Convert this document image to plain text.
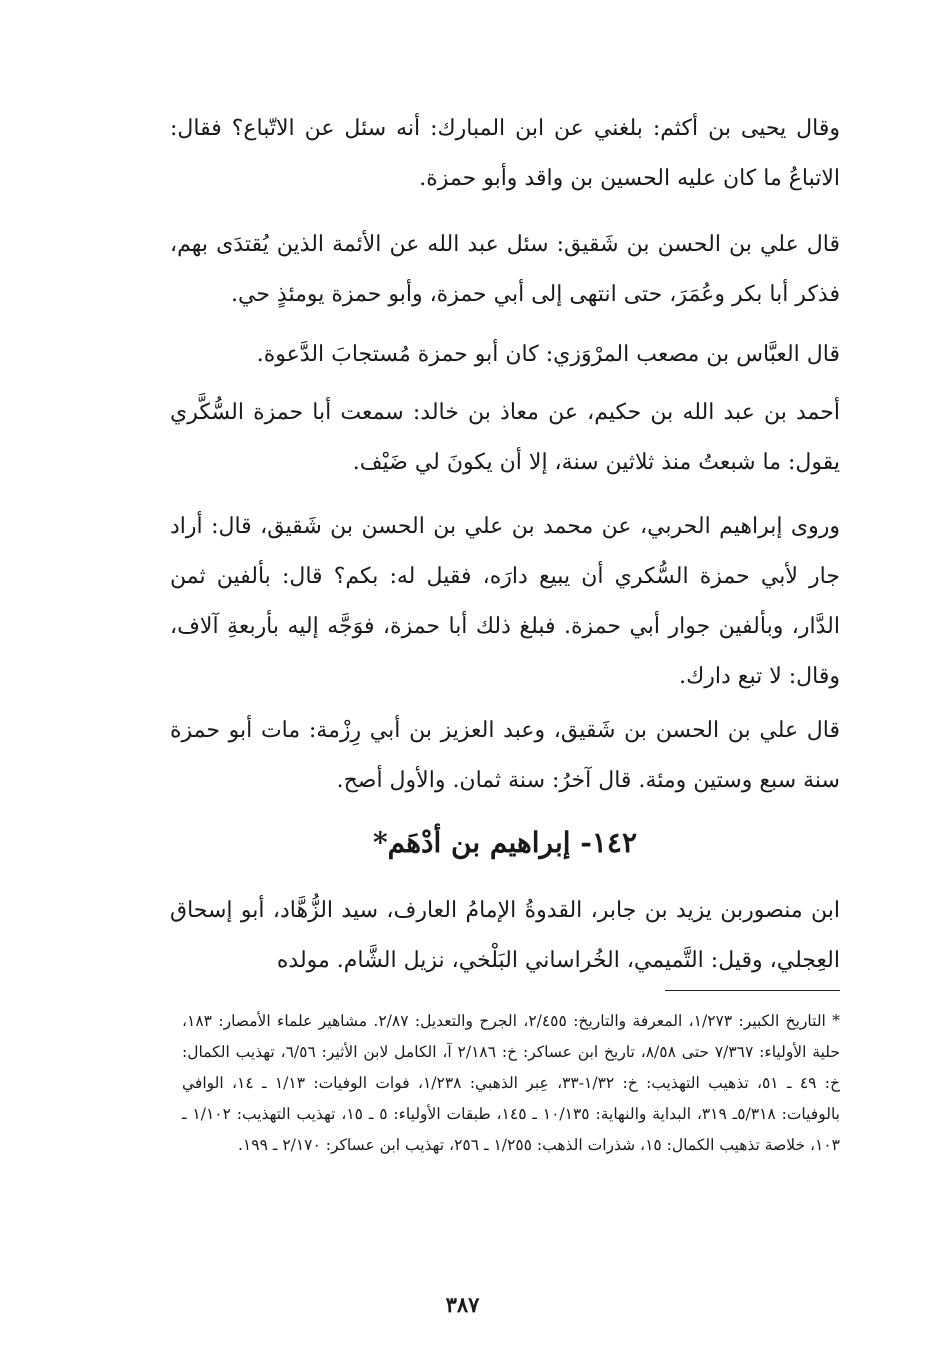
وقال يحيى بن أكثم: بلغني عن ابن المبارك: أنه سئل عن الاتّباع؟ فقال: الاتباعُ ما كان عليه الحسين بن واقد وأبو حمزة.

قال علي بن الحسن بن شَقيق: سئل عبد الله عن الأئمة الذين يُقتدَى بهم، فذكر أبا بكر وعُمَرَ، حتى انتهى إلى أبي حمزة، وأبو حمزة يومئذٍ حي.

قال العبَّاس بن مصعب المرْوَزي: كان أبو حمزة مُستجابَ الدَّعوة.

أحمد بن عبد الله بن حكيم، عن معاذ بن خالد: سمعت أبا حمزة السُّكَّري يقول: ما شبعتُ منذ ثلاثين سنة، إلا أن يكونَ لي ضَيْف.

وروى إبراهيم الحربي، عن محمد بن علي بن الحسن بن شَقيق، قال: أراد جار لأبي حمزة السُّكري أن يبيع دارَه، فقيل له: بكم؟ قال: بألفين ثمن الدَّار، وبألفين جوار أبي حمزة. فبلغ ذلك أبا حمزة، فوَجَّه إليه بأربعةِ آلاف، وقال: لا تبع دارك.

قال علي بن الحسن بن شَقيق، وعبد العزيز بن أبي رِزْمة: مات أبو حمزة سنة سبع وستين ومئة. قال آخرُ: سنة ثمان. والأول أصح.

١٤٢- إبراهيم بن أدْهَم*

ابن منصوربن يزيد بن جابر، القدوةُ الإمامُ العارف، سيد الزُّهَّاد، أبو إسحاق العِجلي، وقيل: التَّميمي، الخُراساني البَلْخي، نزيل الشَّام. مولده

* التاريخ الكبير: ١/٢٧٣، المعرفة والتاريخ: ٢/٤٥٥، الجرح والتعديل: ٢/٨٧. مشاهير علماء الأمصار: ١٨٣، حلية الأولياء: ٧/٣٦٧ حتى ٨/٥٨، تاريخ ابن عساكر: خ: ٢/١٨٦ آ، الكامل لابن الأثير: ٦/٥٦، تهذيب الكمال: خ: ٤٩ ـ ٥١، تذهيب التهذيب: خ: ١/٣٢-٣٣، عِبر الذهبي: ١/٢٣٨، فوات الوفيات: ١/١٣ ـ ١٤، الوافي بالوفيات: ٥/٣١٨ـ ٣١٩، البداية والنهاية: ١٠/١٣٥ ـ ١٤٥، طبقات الأولياء: ٥ ـ ١٥، تهذيب التهذيب: ١/١٠٢ ـ ١٠٣، خلاصة تذهيب الكمال: ١٥، شذرات الذهب: ١/٢٥٥ ـ ٢٥٦، تهذيب ابن عساكر: ٢/١٧٠ ـ ١٩٩.
٣٨٧
